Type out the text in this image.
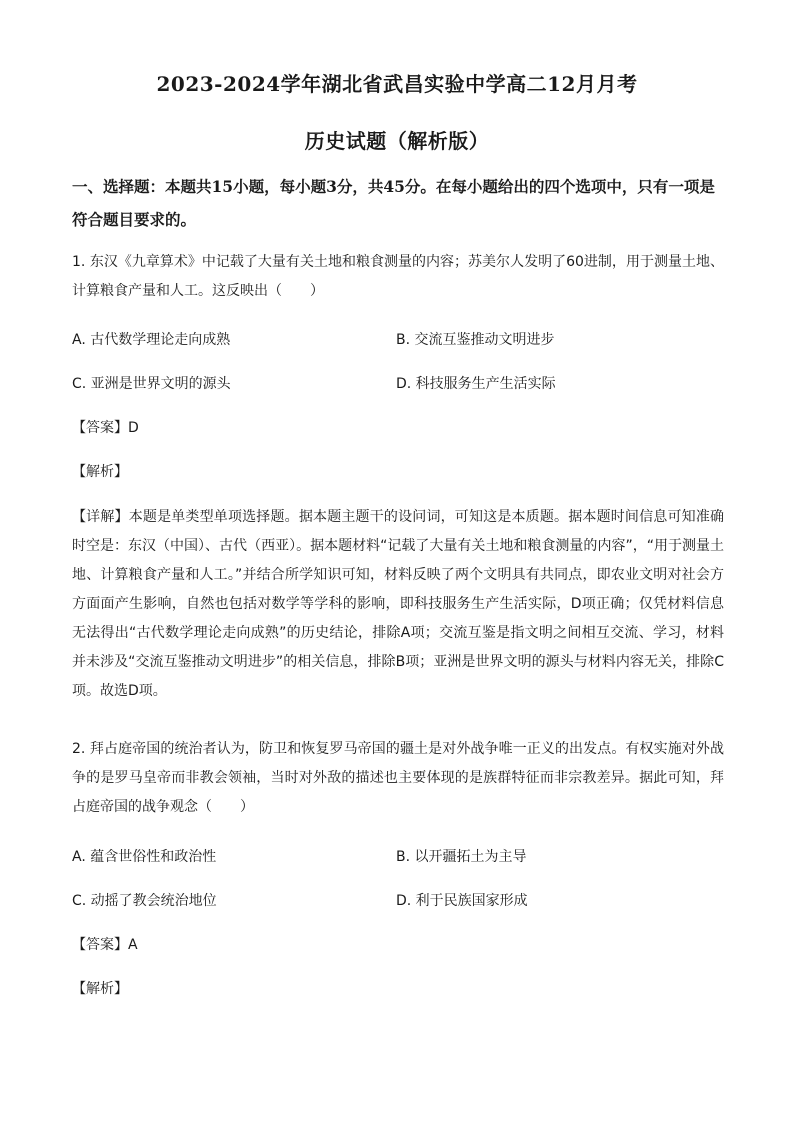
2023-2024学年湖北省武昌实验中学高二12月月考
历史试题（解析版）
一、选择题：本题共15小题，每小题3分，共45分。在每小题给出的四个选项中，只有一项是符合题目要求的。
1. 东汉《九章算术》中记载了大量有关土地和粮食测量的内容；苏美尔人发明了60进制，用于测量土地、计算粮食产量和人工。这反映出（　　）
A. 古代数学理论走向成熟	B. 交流互鉴推动文明进步
C. 亚洲是世界文明的源头	D. 科技服务生产生活实际
【答案】D
【解析】
【详解】本题是单类型单项选择题。据本题主题干的设问词，可知这是本质题。据本题时间信息可知准确时空是：东汉（中国）、古代（西亚）。据本题材料“记载了大量有关土地和粮食测量的内容”，“用于测量土地、计算粮食产量和人工。”并结合所学知识可知，材料反映了两个文明具有共同点，即农业文明对社会方方面面产生影响，自然也包括对数学等学科的影响，即科技服务生产生活实际，D项正确；仅凭材料信息无法得出“古代数学理论走向成熟”的历史结论，排除A项；交流互鉴是指文明之间相互交流、学习，材料并未涉及“交流互鉴推动文明进步”的相关信息，排除B项；亚洲是世界文明的源头与材料内容无关，排除C项。故选D项。
2. 拜占庭帝国的统治者认为，防卫和恢复罗马帝国的疆土是对外战争唯一正义的出发点。有权实施对外战争的是罗马皇帝而非教会领袖，当时对外敌的描述也主要体现的是族群特征而非宗教差异。据此可知，拜占庭帝国的战争观念（　　）
A. 蕴含世俗性和政治性	B. 以开疆拓土为主导
C. 动摇了教会统治地位	D. 利于民族国家形成
【答案】A
【解析】
